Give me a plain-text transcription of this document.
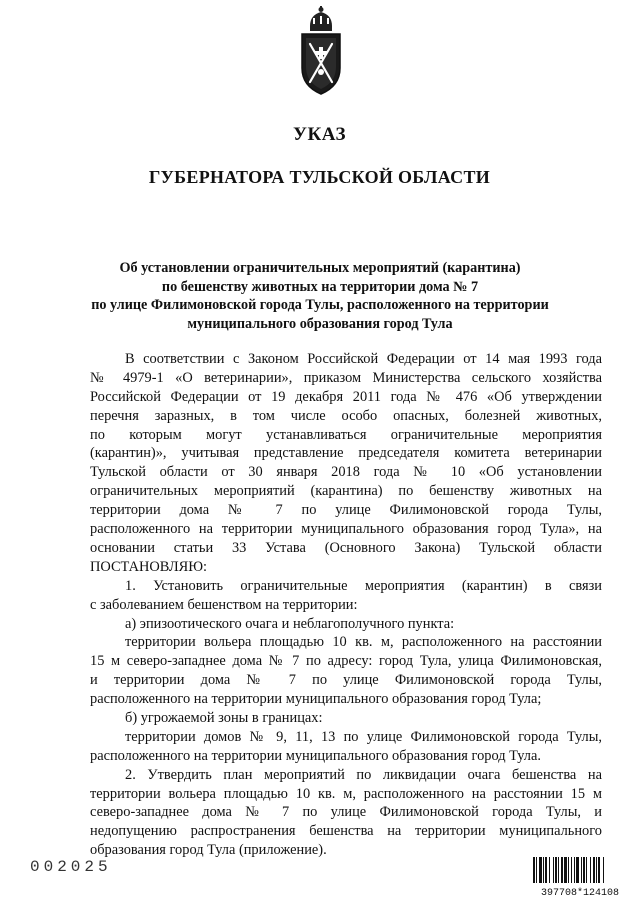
УКАЗ
ГУБЕРНАТОРА ТУЛЬСКОЙ ОБЛАСТИ
Об установлении ограничительных мероприятий (карантина)
по бешенству животных на территории дома № 7
по улице Филимоновской города Тулы, расположенного на территории
муниципального образования город Тула
В соответствии с Законом Российской Федерации от 14 мая 1993 года
№ 4979-1 «О ветеринарии», приказом Министерства сельского хозяйства
Российской Федерации от 19 декабря 2011 года № 476 «Об утверждении
перечня заразных, в том числе особо опасных, болезней животных,
по которым могут устанавливаться ограничительные мероприятия
(карантин)», учитывая представление председателя комитета ветеринарии
Тульской области от 30 января 2018 года № 10 «Об установлении
ограничительных мероприятий (карантина) по бешенству животных на
территории дома № 7 по улице Филимоновской города Тулы,
расположенного на территории муниципального образования город Тула», на
основании статьи 33 Устава (Основного Закона) Тульской области
ПОСТАНОВЛЯЮ:
1. Установить ограничительные мероприятия (карантин) в связи
с заболеванием бешенством на территории:
а) эпизоотического очага и неблагополучного пункта:
территории вольера площадью 10 кв. м, расположенного на расстоянии
15 м северо-западнее дома № 7 по адресу: город Тула, улица Филимоновская,
и территории дома № 7 по улице Филимоновской города Тулы,
расположенного на территории муниципального образования город Тула;
б) угрожаемой зоны в границах:
территории домов № 9, 11, 13 по улице Филимоновской города Тулы,
расположенного на территории муниципального образования город Тула.
2. Утвердить план мероприятий по ликвидации очага бешенства на
территории вольера площадью 10 кв. м, расположенного на расстоянии 15 м
северо-западнее дома № 7 по улице Филимоновской города Тулы, и
недопущению распространения бешенства на территории муниципального
образования город Тула (приложение).
002025
397708*124108
